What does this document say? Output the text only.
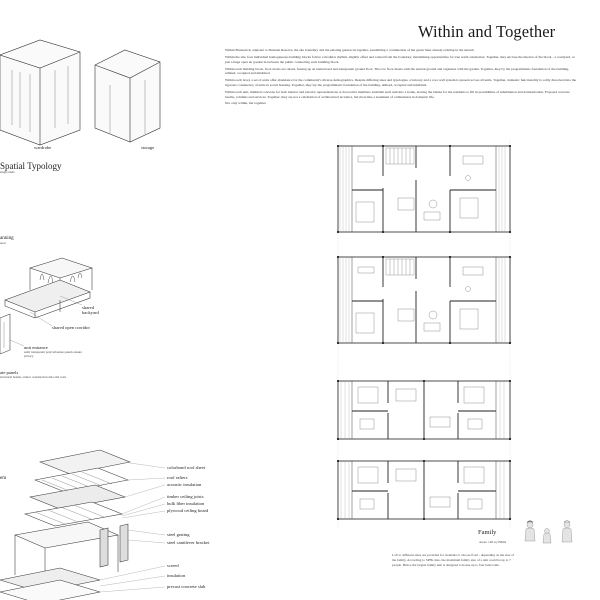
wardrobe	storage
Spatial Typology
single units
anning
ared
shared
backyard
shared open corridor
unit entrance
semi transparent polycarbonate panels ensure privacy
ate panels
structural beams, reduce construction data and costs
em
colorbond roof sheet
roof rafters
acoustic insulation
timber ceiling joists
bulk fiber insulation
plywood ceiling board
steel grating
steel cantilever bracket
screed
insulation
precast concrete slab
Within and Together

Within Brunswick, adjacent to Dunstan Reserve, the site boundary and the existing garden sit together, assembling a continuation of the green lines already existing in the suburb.

Within the site, four individual homogeneous building blocks follow a modular rhythm, slightly offset and rotated from the boundary, maximising opportunities for true north orientation. Together, they enclose the interior of the block - a courtyard, or just a huge open air garden in between the public connecting each building block.

Within each building block, floor levels are raised, freeing up an unenclosed and transparent ground floor. The row floor meets with the natural ground and organises with the garden. Together, they by the programmatic foundation of the building, utilised, occupied and inhabited.

Within each level, a set of units offer abundance for the community's diverse demographics. Despite differing sizes and typologies, a balcony and a core wall system is present across all units. Together, domestic functionality is softly dissolved into the rigorous consistency of units in social housing. Together, they lay the programmatic foundation of the building, utilised, occupied and inhabited.

Within each unit, minimal concerns for both interior and exterior representations or decorative members establish each unit into a home, leaving the blanks for the residents to fill in possibilities of inhabitation and domestication. Exposed concrete beams, columns and services. Together, they are not a celebration of architectural tectonics, but more like a statement of ordinariness in domestic life.

Not only within, but together.

Family
Areas: 128 sq 258m2
Loft to different sizes are provided for residents to choose from - depending on the size of the family. According to SPHs data, the maximum family size of a unit could be up to 7 people. Hence the largest family unit is designed to house up to four bedrooms.
